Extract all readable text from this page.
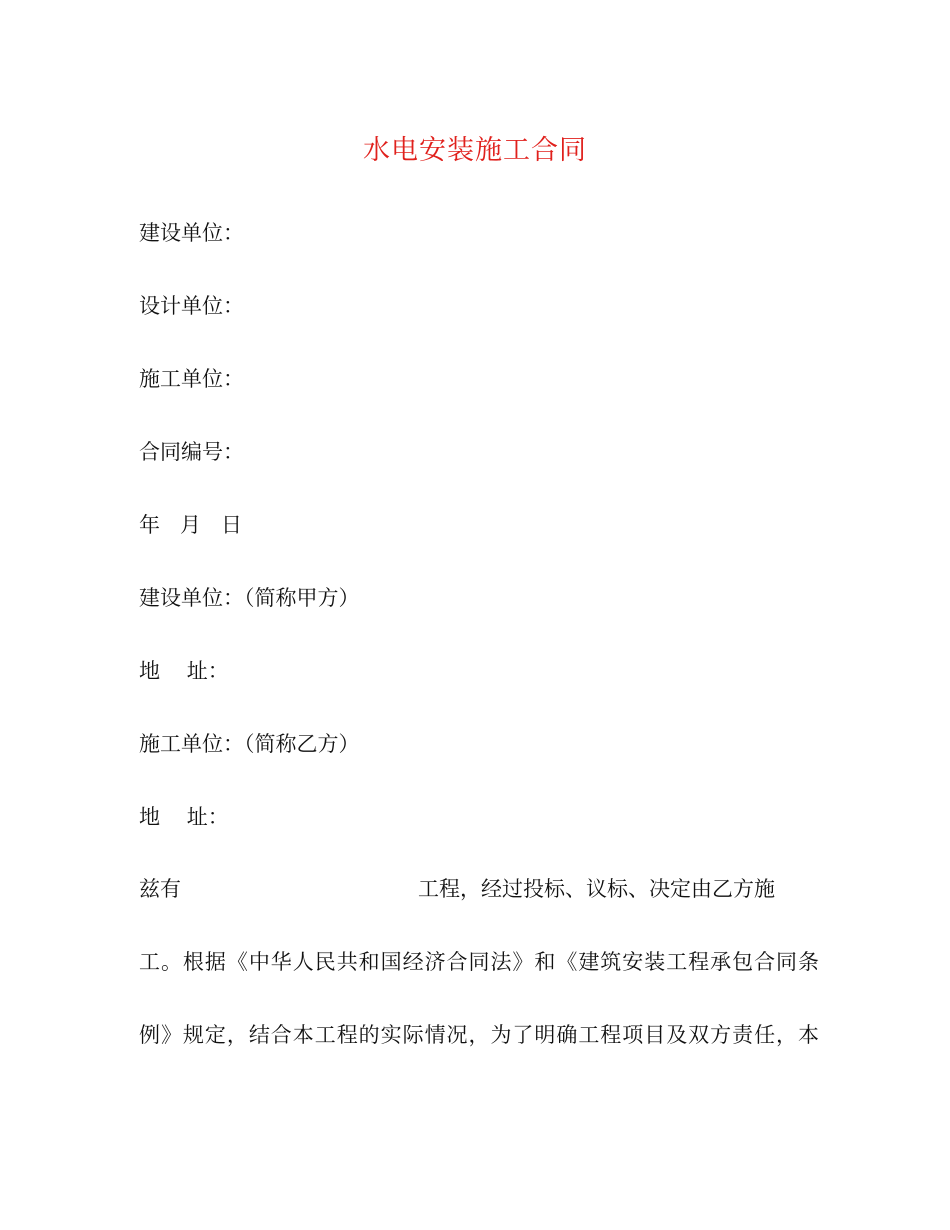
水电安装施工合同

建设单位：

设计单位：

施工单位：

合同编号：

年   月   日

建设单位：（简称甲方）

地    址：

施工单位：（简称乙方）

地    址：

兹有	工程，经过投标、议标、决定由乙方施

工。根据《中华人民共和国经济合同法》和《建筑安装工程承包合同条

例》规定，结合本工程的实际情况，为了明确工程项目及双方责任，本
